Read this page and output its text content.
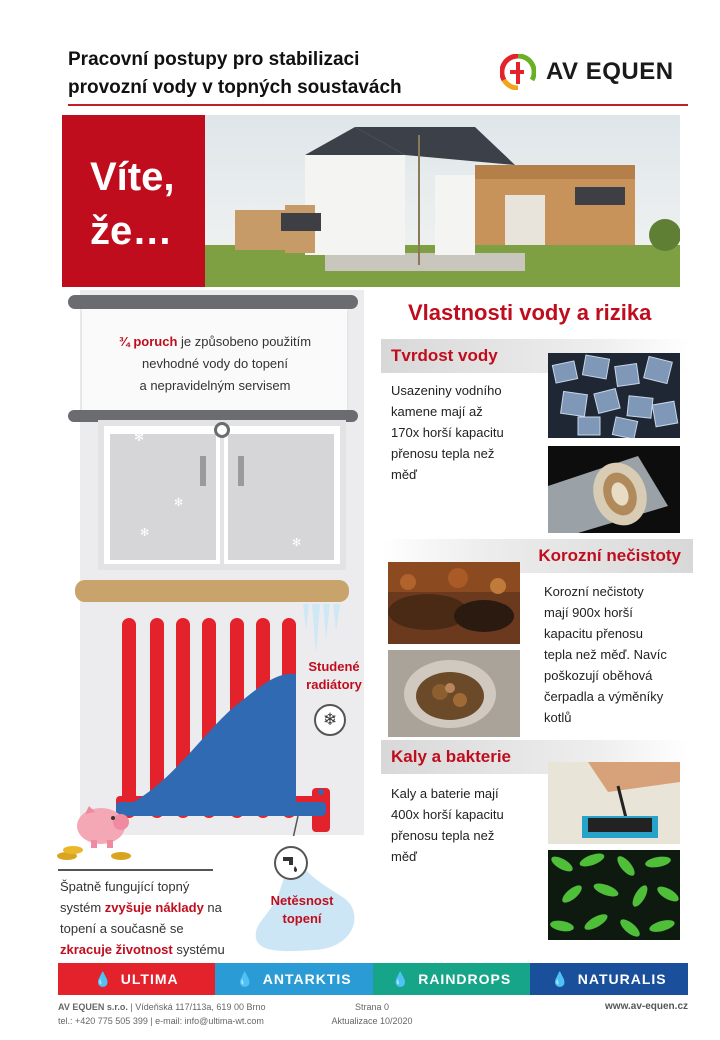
Pracovní postupy pro stabilizaci
provozní vody v topných soustavách
AV EQUEN
Víte,
že…
¾ poruch je způsobeno použitím
nevhodné vody do topení
a nepravidelným servisem
✻
✻
✻
✻
Studené
radiátory
❄
Netěsnost
topení
Špatně fungující topný
systém zvyšuje náklady na
topení a současně se
zkracuje životnost systému
Vlastnosti vody a rizika
Tvrdost vody
Usazeniny vodního
kamene mají až
170x horší kapacitu
přenosu tepla než
měď
Korozní nečistoty
Korozní nečistoty
mají 900x horší
kapacitu přenosu
tepla než měď. Navíc
poškozují oběhová
čerpadla a výměníky
kotlů
Kaly a bakterie
Kaly a baterie mají
400x horší kapacitu
přenosu tepla než
měď
💧 ULTIMA	💧 ANTARKTIS	💧 RAINDROPS	💧 NATURALIS
AV EQUEN s.r.o. | Vídeňská 117/113a, 619 00 Brno
tel.: +420 775 505 399 | e-mail: info@ultima-wt.com
Strana 0
Aktualizace 10/2020
www.av-equen.cz
